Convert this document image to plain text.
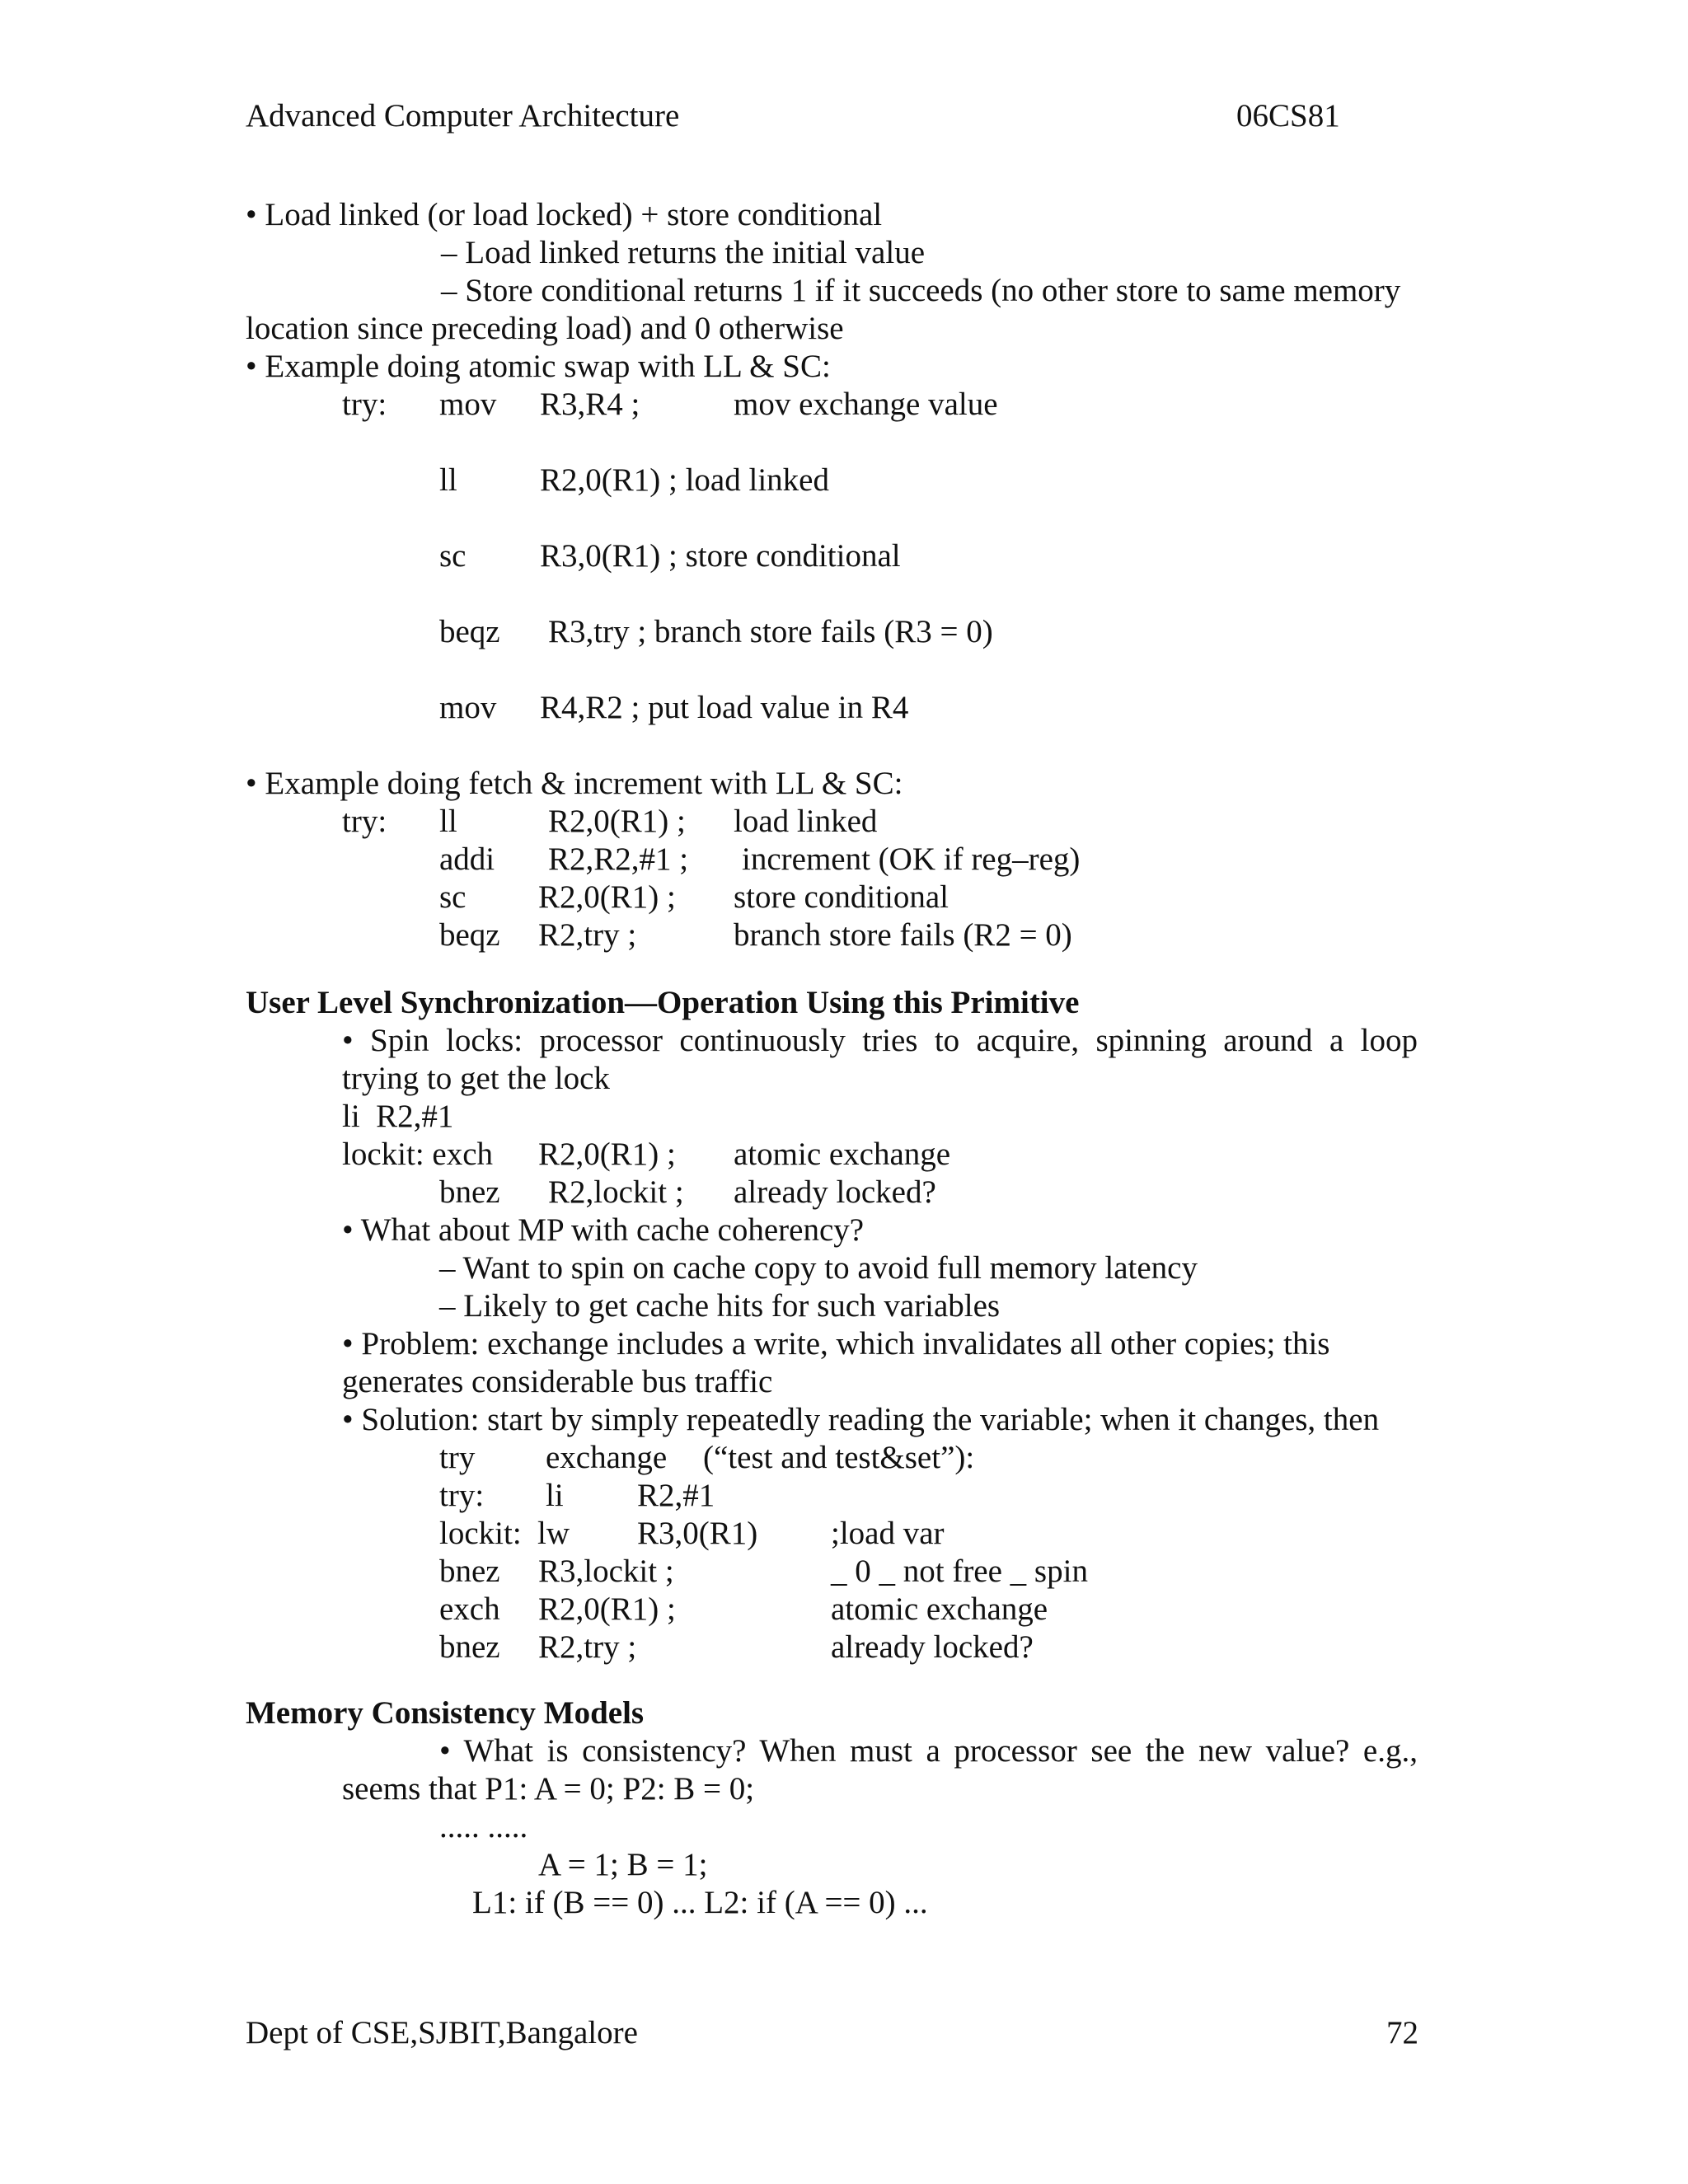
Advanced Computer Architecture	06CS81
• Load linked (or load locked) + store conditional
– Load linked returns the initial value
– Store conditional returns 1 if it succeeds (no other store to same memory
location since preceding load) and 0 otherwise
• Example doing atomic swap with LL & SC:
try: mov R3,R4 ;	mov exchange value
ll	R2,0(R1) ; load linked
sc R3,0(R1) ; store conditional
beqz R3,try ; branch store fails (R3 = 0)
mov R4,R2 ; put load value in R4
• Example doing fetch & increment with LL & SC:
try: ll	R2,0(R1) ; load linked
addi R2,R2,#1 ; increment (OK if reg–reg)
sc R2,0(R1) ; store conditional
beqz R2,try ;	branch store fails (R2 = 0)
User Level Synchronization—Operation Using this Primitive
• Spin locks: processor continuously tries to acquire, spinning around a loop
trying to get the lock
li  R2,#1
lockit: exch R2,0(R1) ; atomic exchange
bnez R2,lockit ; already locked?
• What about MP with cache coherency?
– Want to spin on cache copy to avoid full memory latency
– Likely to get cache hits for such variables
• Problem: exchange includes a write, which invalidates all other copies; this
generates considerable bus traffic
• Solution: start by simply repeatedly reading the variable; when it changes, then
try exchange (“test and test&set”):
try: li R2,#1
lockit: lw R3,0(R1) ;load var
bnez R3,lockit ;	_ 0 _ not free _ spin
exch R2,0(R1) ;	atomic exchange
bnez R2,try ;	already locked?
Memory Consistency Models
• What is consistency? When must a processor see the new value? e.g.,
seems that P1: A = 0; P2: B = 0;
..... .....
A = 1; B = 1;
L1: if (B == 0) ... L2: if (A == 0) ...
Dept of CSE,SJBIT,Bangalore	72
